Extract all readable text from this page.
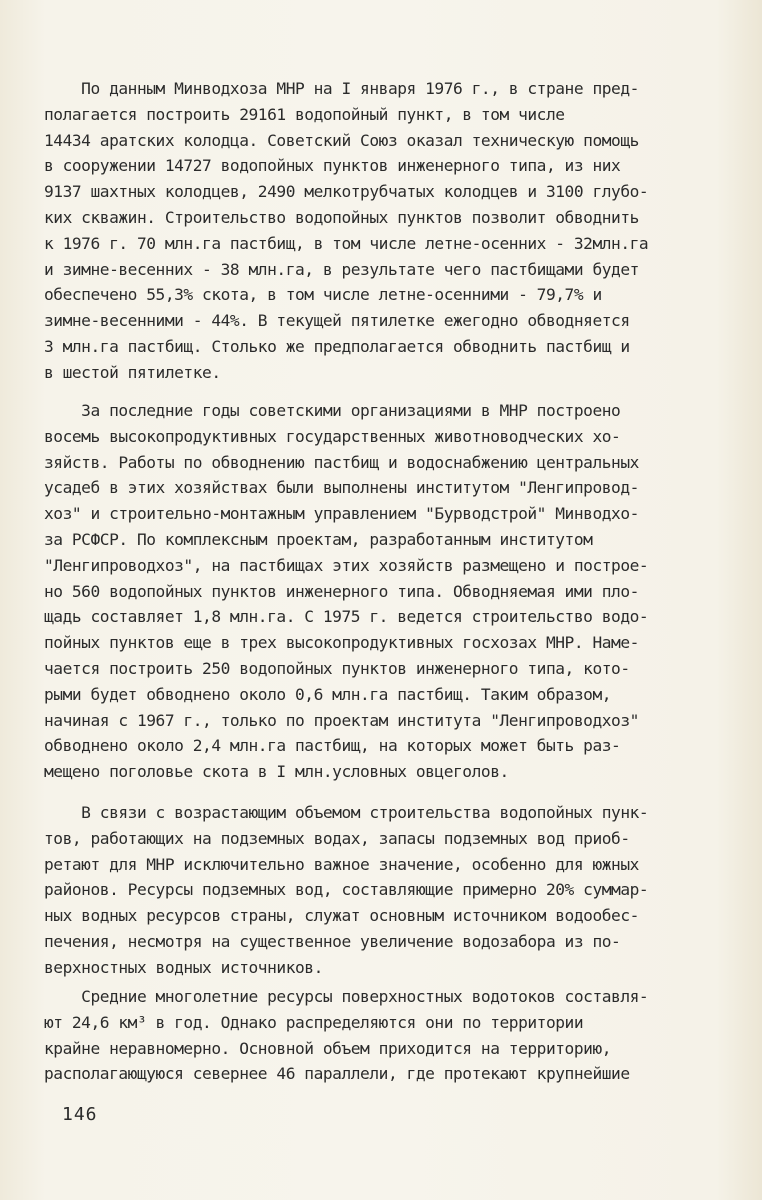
По данным Минводхоза МНР на I января 1976 г., в стране пред-
полагается построить 29161 водопойный пункт, в том числе
14434 аратских колодца. Советский Союз оказал техническую помощь
в сооружении 14727 водопойных пунктов инженерного типа, из них
9137 шахтных колодцев, 2490 мелкотрубчатых колодцев и 3100 глубо-
ких скважин. Строительство водопойных пунктов позволит обводнить
к 1976 г. 70 млн.га пастбищ, в том числе летне-осенних - 32млн.га
и зимне-весенних - 38 млн.га, в результате чего пастбищами будет
обеспечено 55,3% скота, в том числе летне-осенними - 79,7% и
зимне-весенними - 44%. В текущей пятилетке ежегодно обводняется
3 млн.га пастбищ. Столько же предполагается обводнить пастбищ и
в шестой пятилетке.
За последние годы советскими организациями в МНР построено
восемь высокопродуктивных государственных животноводческих хо-
зяйств. Работы по обводнению пастбищ и водоснабжению центральных
усадеб в этих хозяйствах были выполнены институтом "Ленгипровод-
хоз" и строительно-монтажным управлением "Бурводстрой" Минводхо-
за РСФСР. По комплексным проектам, разработанным институтом
"Ленгипроводхоз", на пастбищах этих хозяйств размещено и построе-
но 560 водопойных пунктов инженерного типа. Обводняемая ими пло-
щадь составляет 1,8 млн.га. С 1975 г. ведется строительство водо-
пойных пунктов еще в трех высокопродуктивных госхозах МНР. Наме-
чается построить 250 водопойных пунктов инженерного типа, кото-
рыми будет обводнено около 0,6 млн.га пастбищ. Таким образом,
начиная с 1967 г., только по проектам института "Ленгипроводхоз"
обводнено около 2,4 млн.га пастбищ, на которых может быть раз-
мещено поголовье скота в I млн.условных овцеголов.
В связи с возрастающим объемом строительства водопойных пунк-
тов, работающих на подземных водах, запасы подземных вод приоб-
ретают для МНР исключительно важное значение, особенно для южных
районов. Ресурсы подземных вод, составляющие примерно 20% суммар-
ных водных ресурсов страны, служат основным источником водообес-
печения, несмотря на существенное увеличение водозабора из по-
верхностных водных источников.
Средние многолетние ресурсы поверхностных водотоков составля-
ют 24,6 км³ в год. Однако распределяются они по территории
крайне неравномерно. Основной объем приходится на территорию,
располагающуюся севернее 46 параллели, где протекают крупнейшие
146
